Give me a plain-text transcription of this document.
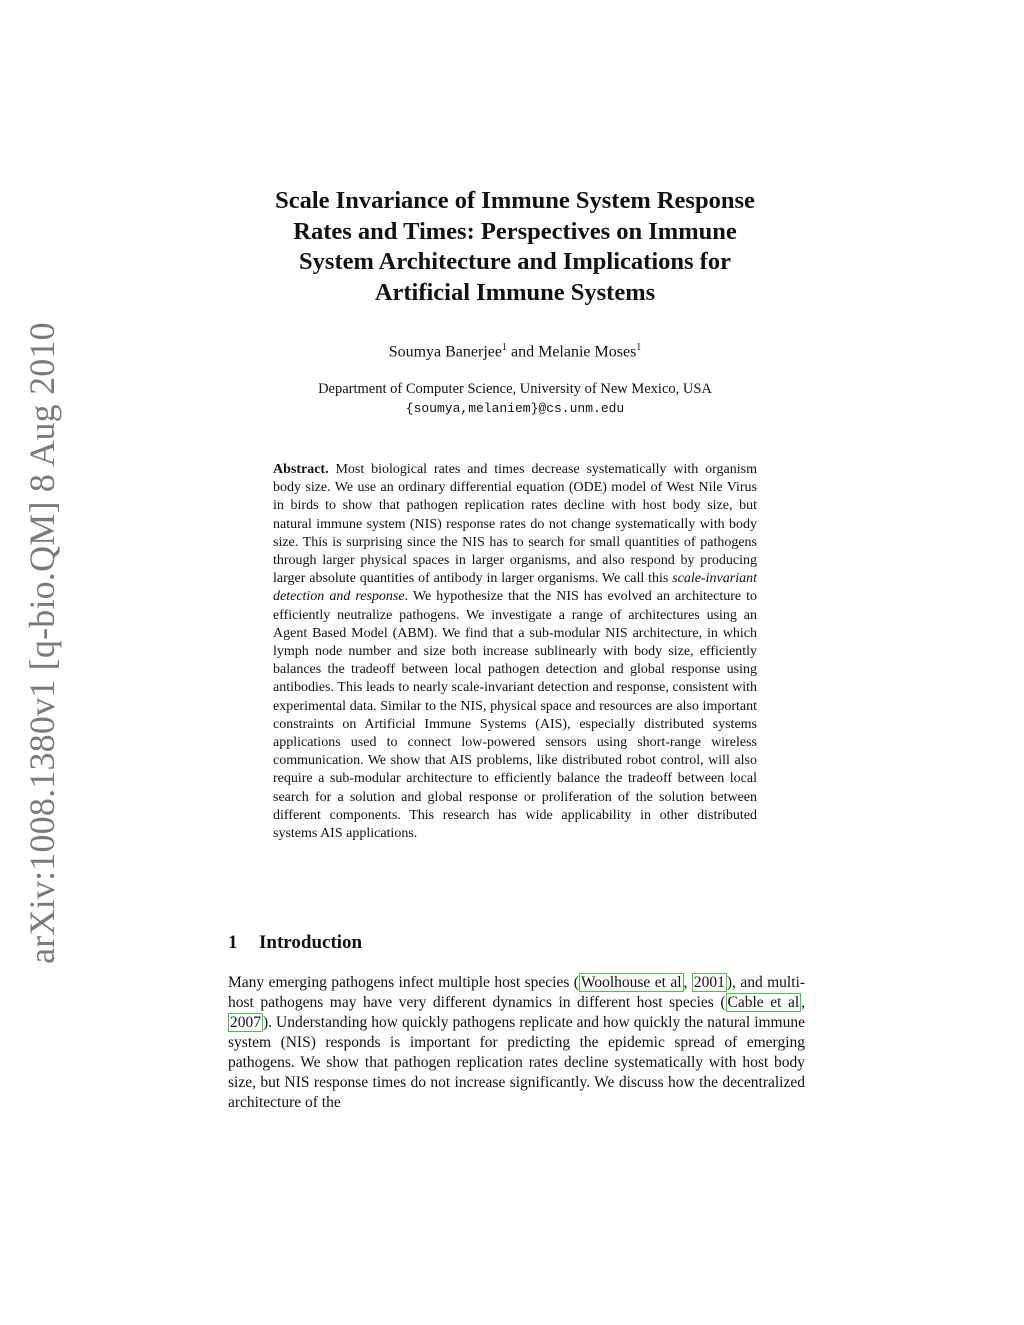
arXiv:1008.1380v1 [q-bio.QM] 8 Aug 2010
Scale Invariance of Immune System Response
Rates and Times: Perspectives on Immune
System Architecture and Implications for
Artificial Immune Systems
Soumya Banerjee$^1$ and Melanie Moses$^1$
Department of Computer Science, University of New Mexico, USA
{soumya,melaniem}@cs.unm.edu
Abstract. Most biological rates and times decrease systematically with organism body size. We use an ordinary differential equation (ODE) model of West Nile Virus in birds to show that pathogen replication rates decline with host body size, but natural immune system (NIS) response rates do not change systematically with body size. This is surprising since the NIS has to search for small quantities of pathogens through larger physical spaces in larger organisms, and also respond by producing larger absolute quantities of antibody in larger organisms. We call this scale-invariant detection and response. We hypothesize that the NIS has evolved an architecture to efficiently neutralize pathogens. We investigate a range of architectures using an Agent Based Model (ABM). We find that a sub-modular NIS architecture, in which lymph node number and size both increase sublinearly with body size, efficiently balances the tradeoff between local pathogen detection and global response using antibodies. This leads to nearly scale-invariant detection and response, consistent with experimental data. Similar to the NIS, physical space and resources are also important constraints on Artificial Immune Systems (AIS), especially distributed systems applications used to connect low-powered sensors using short-range wireless communication. We show that AIS problems, like distributed robot control, will also require a sub-modular architecture to efficiently balance the tradeoff between local search for a solution and global response or proliferation of the solution between different components. This research has wide applicability in other distributed systems AIS applications.
1 Introduction
Many emerging pathogens infect multiple host species ( Woolhouse et al , 2001 ), and multi-host pathogens may have very different dynamics in different host species ( Cable et al , 2007 ). Understanding how quickly pathogens replicate and how quickly the natural immune system (NIS) responds is important for predicting the epidemic spread of emerging pathogens. We show that pathogen replication rates decline systematically with host body size, but NIS response times do not increase significantly. We discuss how the decentralized architecture of the
